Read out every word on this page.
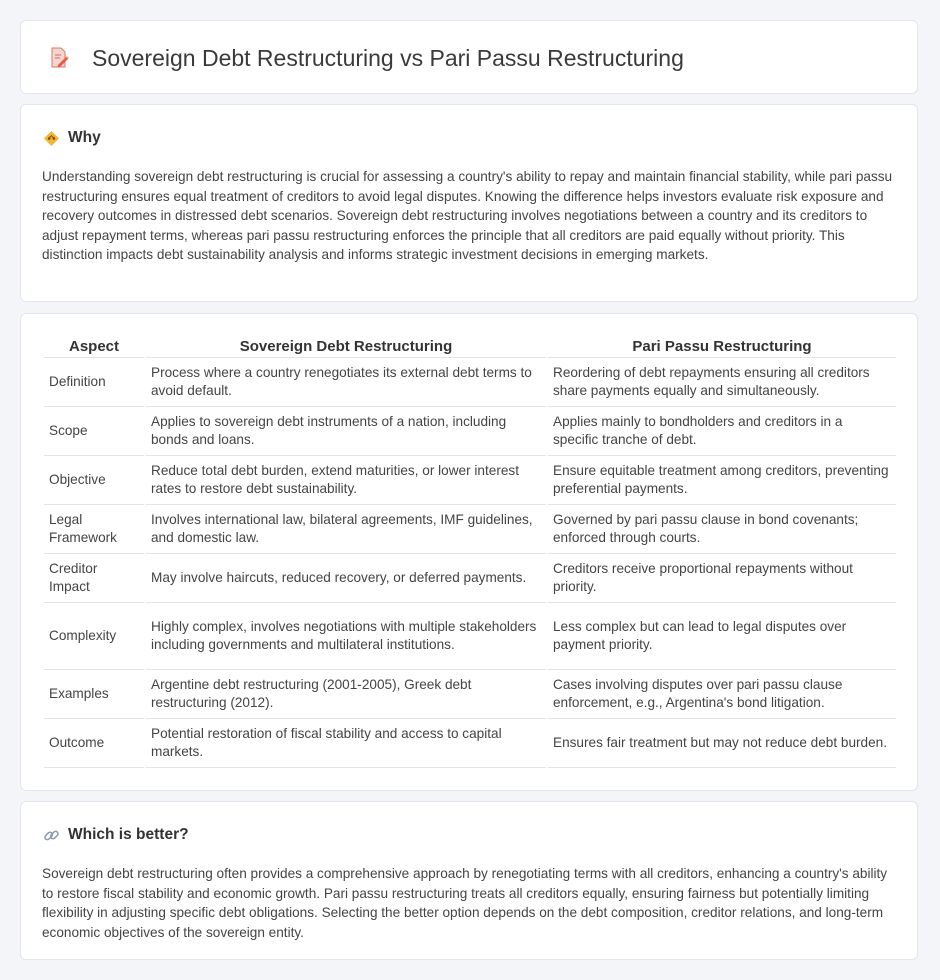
Sovereign Debt Restructuring vs Pari Passu Restructuring
Why
Understanding sovereign debt restructuring is crucial for assessing a country's ability to repay and maintain financial stability, while pari passu restructuring ensures equal treatment of creditors to avoid legal disputes. Knowing the difference helps investors evaluate risk exposure and recovery outcomes in distressed debt scenarios. Sovereign debt restructuring involves negotiations between a country and its creditors to adjust repayment terms, whereas pari passu restructuring enforces the principle that all creditors are paid equally without priority. This distinction impacts debt sustainability analysis and informs strategic investment decisions in emerging markets.
Aspect	Sovereign Debt Restructuring	Pari Passu Restructuring
Definition	Process where a country renegotiates its external debt terms to avoid default.	Reordering of debt repayments ensuring all creditors share payments equally and simultaneously.
Scope	Applies to sovereign debt instruments of a nation, including bonds and loans.	Applies mainly to bondholders and creditors in a specific tranche of debt.
Objective	Reduce total debt burden, extend maturities, or lower interest rates to restore debt sustainability.	Ensure equitable treatment among creditors, preventing preferential payments.
Legal Framework	Involves international law, bilateral agreements, IMF guidelines, and domestic law.	Governed by pari passu clause in bond covenants; enforced through courts.
Creditor Impact	May involve haircuts, reduced recovery, or deferred payments.	Creditors receive proportional repayments without priority.
Complexity	Highly complex, involves negotiations with multiple stakeholders including governments and multilateral institutions.	Less complex but can lead to legal disputes over payment priority.
Examples	Argentine debt restructuring (2001-2005), Greek debt restructuring (2012).	Cases involving disputes over pari passu clause enforcement, e.g., Argentina's bond litigation.
Outcome	Potential restoration of fiscal stability and access to capital markets.	Ensures fair treatment but may not reduce debt burden.
Which is better?
Sovereign debt restructuring often provides a comprehensive approach by renegotiating terms with all creditors, enhancing a country's ability to restore fiscal stability and economic growth. Pari passu restructuring treats all creditors equally, ensuring fairness but potentially limiting flexibility in adjusting specific debt obligations. Selecting the better option depends on the debt composition, creditor relations, and long-term economic objectives of the sovereign entity.
